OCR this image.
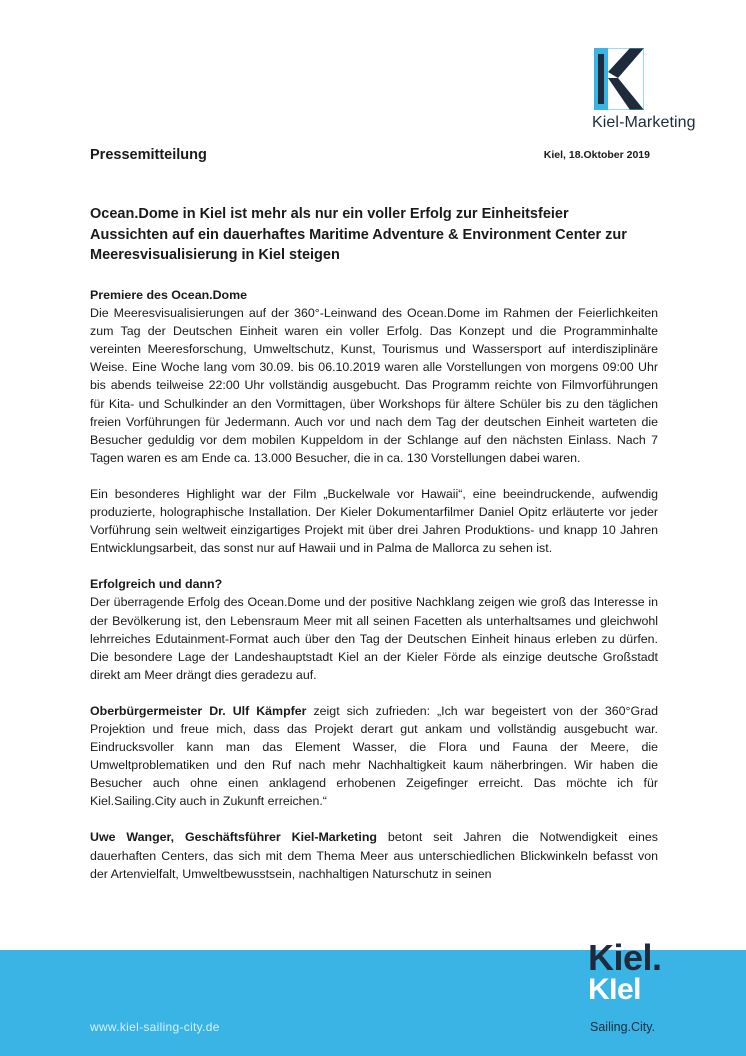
Kiel-Marketing
Pressemitteilung	Kiel, 18.Oktober 2019
Ocean.Dome in Kiel ist mehr als nur ein voller Erfolg zur Einheitsfeier
Aussichten auf ein dauerhaftes Maritime Adventure & Environment Center zur Meeresvisualisierung in Kiel steigen
Premiere des Ocean.Dome

Die Meeresvisualisierungen auf der 360°-Leinwand des Ocean.Dome im Rahmen der Feierlichkeiten zum Tag der Deutschen Einheit waren ein voller Erfolg. Das Konzept und die Programminhalte vereinten Meeresforschung, Umweltschutz, Kunst, Tourismus und Wassersport auf interdisziplinäre Weise. Eine Woche lang vom 30.09. bis 06.10.2019 waren alle Vorstellungen von morgens 09:00 Uhr bis abends teilweise 22:00 Uhr vollständig ausgebucht. Das Programm reichte von Filmvorführungen für Kita- und Schulkinder an den Vormittagen, über Workshops für ältere Schüler bis zu den täglichen freien Vorführungen für Jedermann. Auch vor und nach dem Tag der deutschen Einheit warteten die Besucher geduldig vor dem mobilen Kuppeldom in der Schlange auf den nächsten Einlass. Nach 7 Tagen waren es am Ende ca. 13.000 Besucher, die in ca. 130 Vorstellungen dabei waren.

Ein besonderes Highlight war der Film „Buckelwale vor Hawaii“, eine beeindruckende, aufwendig produzierte, holographische Installation. Der Kieler Dokumentarfilmer Daniel Opitz erläuterte vor jeder Vorführung sein weltweit einzigartiges Projekt mit über drei Jahren Produktions- und knapp 10 Jahren Entwicklungsarbeit, das sonst nur auf Hawaii und in Palma de Mallorca zu sehen ist.

Erfolgreich und dann?

Der überragende Erfolg des Ocean.Dome und der positive Nachklang zeigen wie groß das Interesse in der Bevölkerung ist, den Lebensraum Meer mit all seinen Facetten als unterhaltsames und gleichwohl lehrreiches Edutainment-Format auch über den Tag der Deutschen Einheit hinaus erleben zu dürfen. Die besondere Lage der Landeshauptstadt Kiel an der Kieler Förde als einzige deutsche Großstadt direkt am Meer drängt dies geradezu auf.

Oberbürgermeister Dr. Ulf Kämpfer zeigt sich zufrieden: „Ich war begeistert von der 360°Grad Projektion und freue mich, dass das Projekt derart gut ankam und vollständig ausgebucht war. Eindrucksvoller kann man das Element Wasser, die Flora und Fauna der Meere, die Umweltproblematiken und den Ruf nach mehr Nachhaltigkeit kaum näherbringen. Wir haben die Besucher auch ohne einen anklagend erhobenen Zeigefinger erreicht. Das möchte ich für Kiel.Sailing.City auch in Zukunft erreichen.“

Uwe Wanger, Geschäftsführer Kiel-Marketing betont seit Jahren die Notwendigkeit eines dauerhaften Centers, das sich mit dem Thema Meer aus unterschiedlichen Blickwinkeln befasst von der Artenvielfalt, Umweltbewusstsein, nachhaltigen Naturschutz in seinen

www.kiel-sailing-city.de
Kiel.
KIel
Sailing.City.
